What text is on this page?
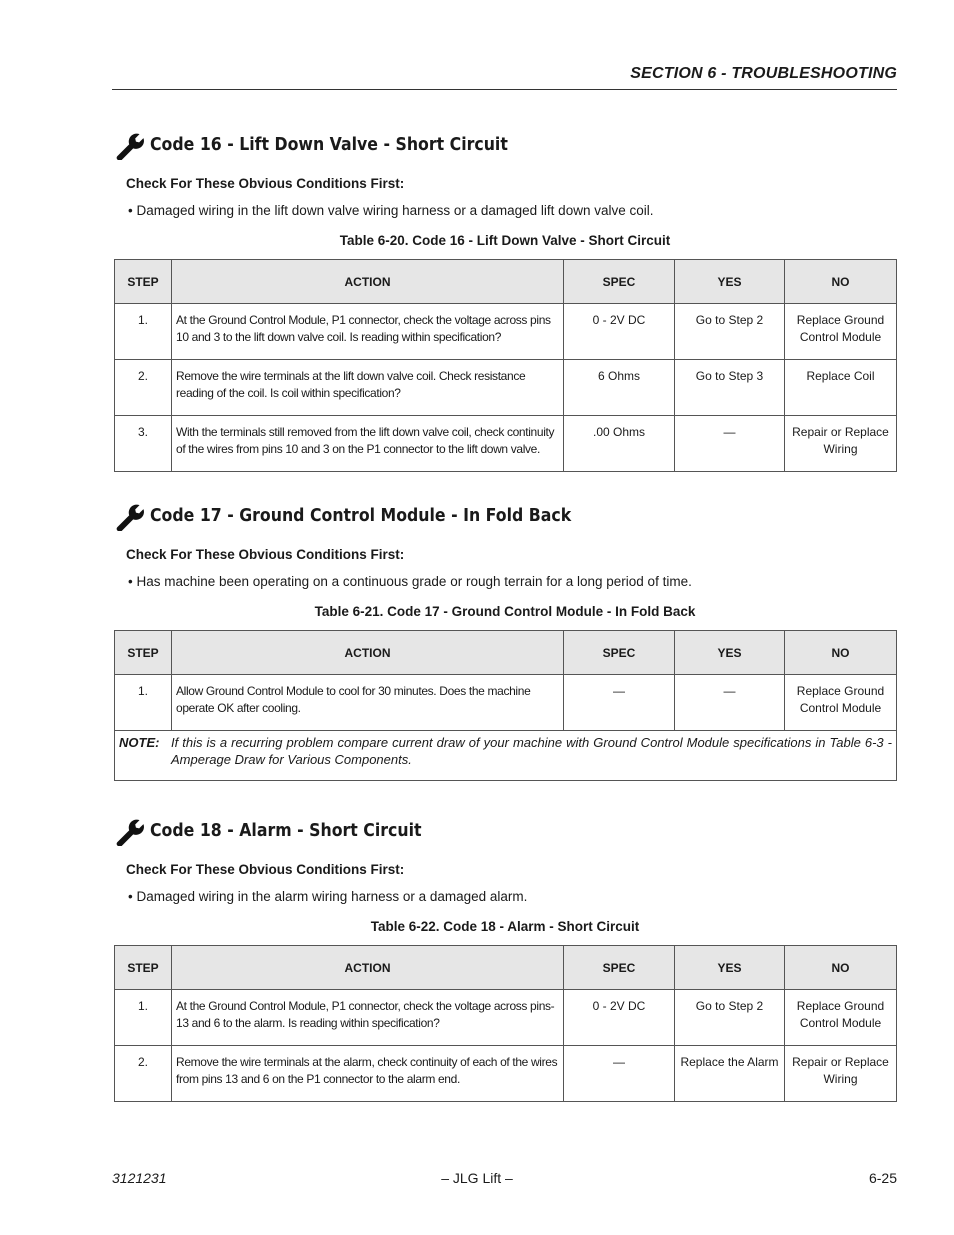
SECTION 6 - TROUBLESHOOTING
Code 16 - Lift Down Valve - Short Circuit
Check For These Obvious Conditions First:
• Damaged wiring in the lift down valve wiring harness or a damaged lift down valve coil.
Table 6-20. Code 16 - Lift Down Valve - Short Circuit
STEP	ACTION	SPEC	YES	NO
1.	At the Ground Control Module, P1 connector, check the voltage across pins 10 and 3 to the lift down valve coil. Is reading within specification?	0 - 2V DC	Go to Step 2	Replace Ground Control Module
2.	Remove the wire terminals at the lift down valve coil. Check resistance reading of the coil. Is coil within specification?	6 Ohms	Go to Step 3	Replace Coil
3.	With the terminals still removed from the lift down valve coil, check continuity of the wires from pins 10 and 3 on the P1 connector to the lift down valve.	.00 Ohms	—	Repair or Replace Wiring
Code 17 - Ground Control Module - In Fold Back
Check For These Obvious Conditions First:
• Has machine been operating on a continuous grade or rough terrain for a long period of time.
Table 6-21. Code 17 - Ground Control Module - In Fold Back
STEP	ACTION	SPEC	YES	NO
1.	Allow Ground Control Module to cool for 30 minutes. Does the machine operate OK after cooling.	—	—	Replace Ground Control Module

NOTE: If this is a recurring problem compare current draw of your machine with Ground Control Module specifications in Table 6-3 - Amperage Draw for Various Components.				
Code 18 - Alarm - Short Circuit
Check For These Obvious Conditions First:
• Damaged wiring in the alarm wiring harness or a damaged alarm.
Table 6-22. Code 18 - Alarm - Short Circuit
STEP	ACTION	SPEC	YES	NO
1.	At the Ground Control Module, P1 connector, check the voltage across pins-13 and 6 to the alarm. Is reading within specification?	0 - 2V DC	Go to Step 2	Replace Ground Control Module
2.	Remove the wire terminals at the alarm, check continuity of each of the wires from pins 13 and 6 on the P1 connector to the alarm end.	—	Replace the Alarm	Repair or Replace Wiring
3121231	– JLG Lift –	6-25
